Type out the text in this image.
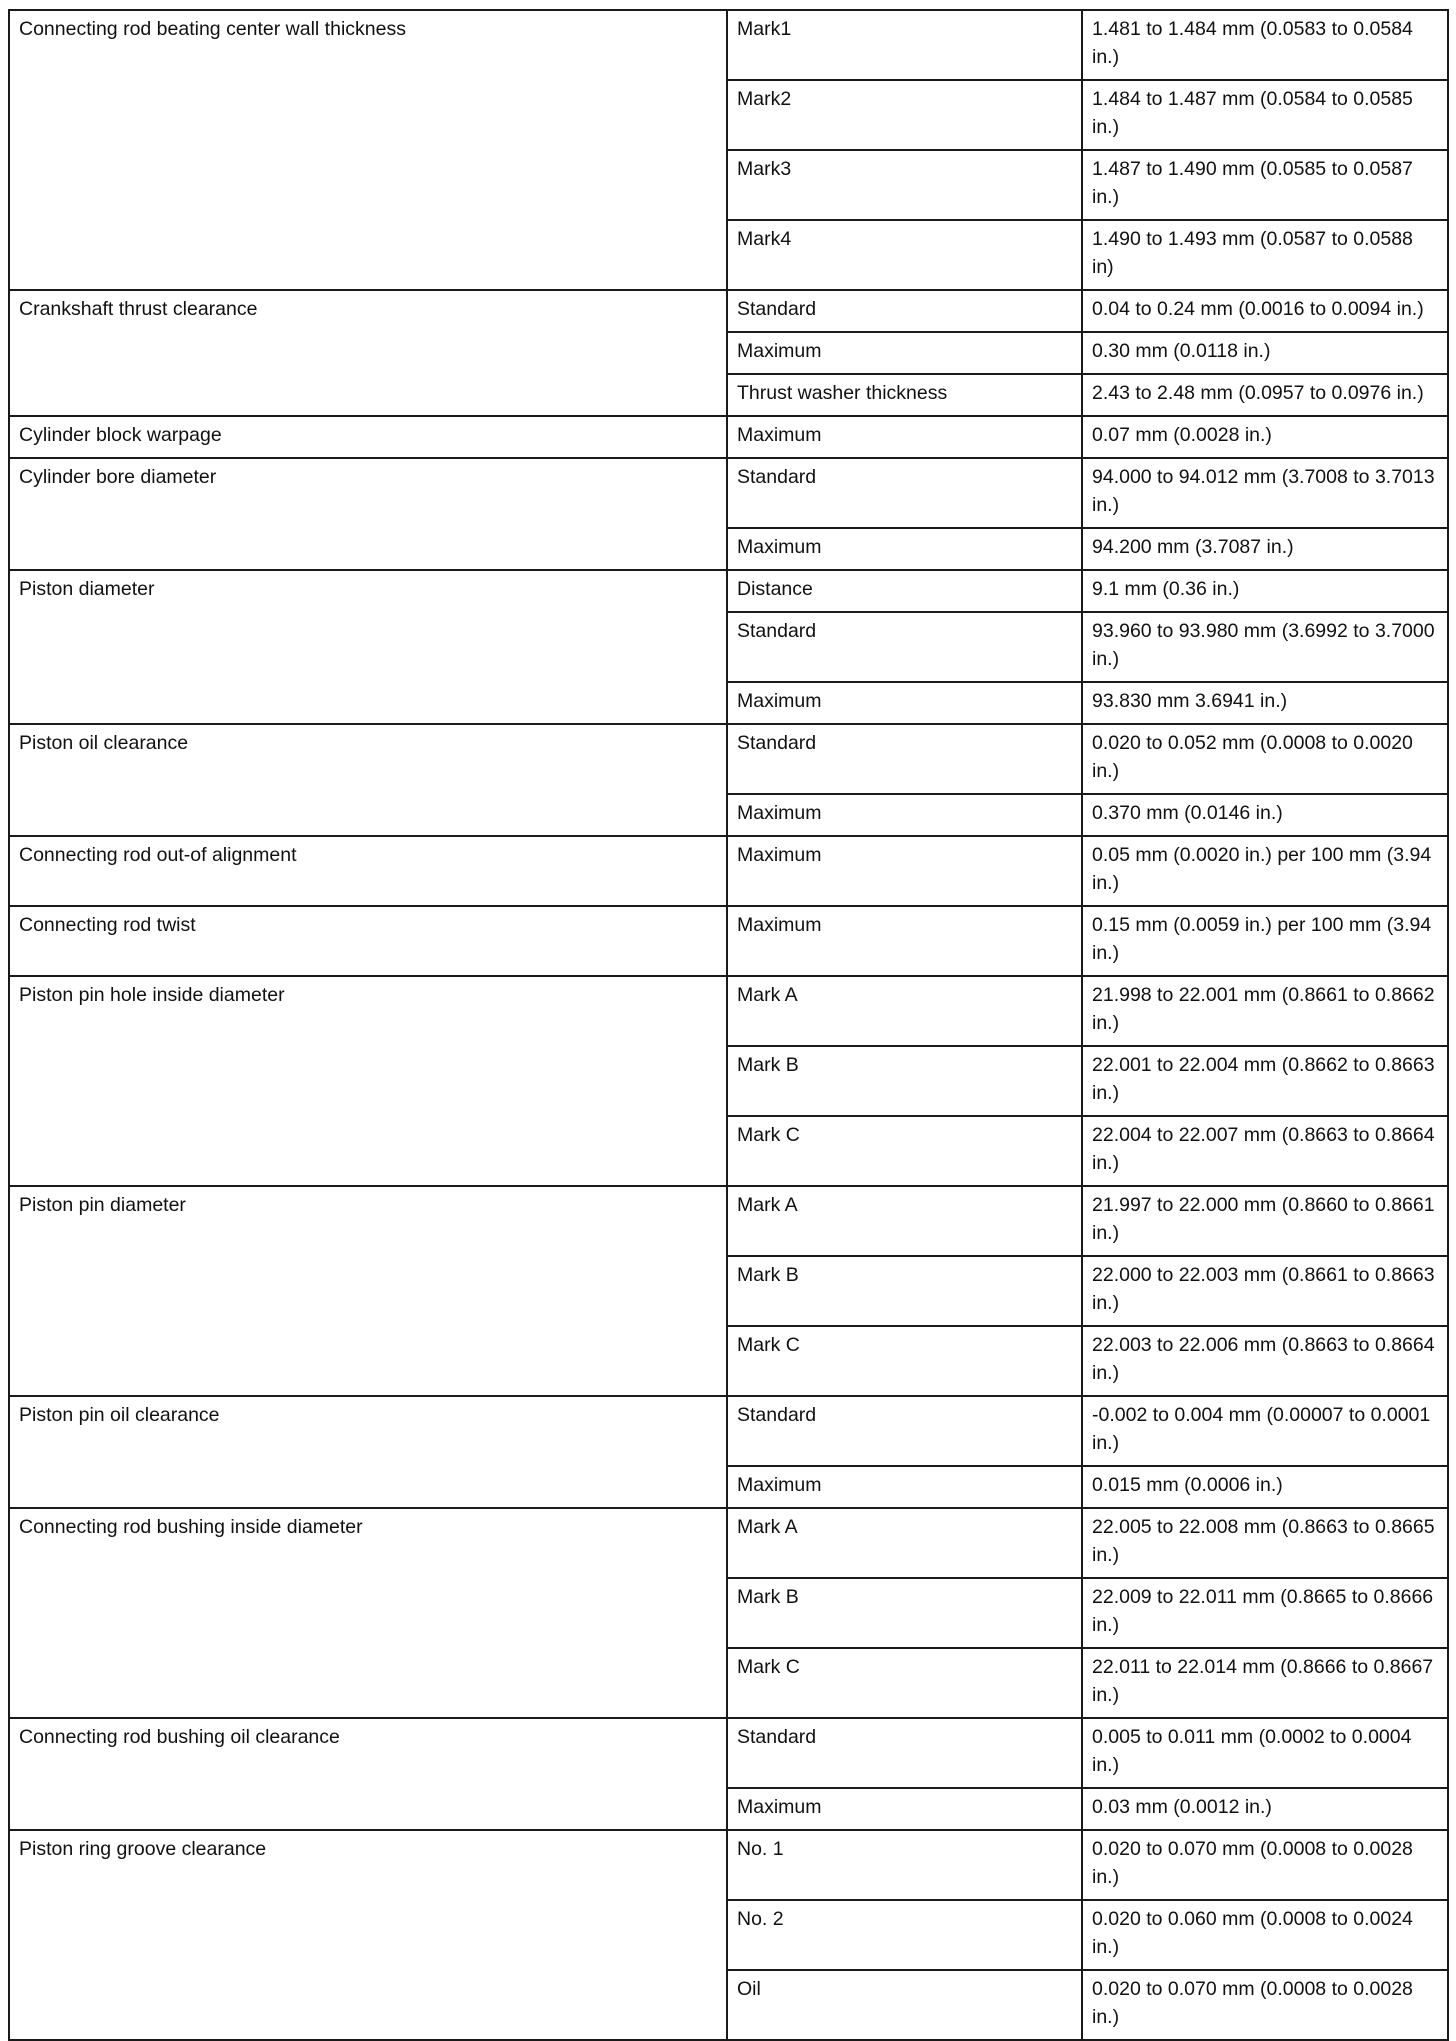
Connecting rod beating center wall thickness	Mark1	1.481 to 1.484 mm (0.0583 to 0.0584 in.)
	Mark2	1.484 to 1.487 mm (0.0584 to 0.0585 in.)
	Mark3	1.487 to 1.490 mm (0.0585 to 0.0587 in.)
	Mark4	1.490 to 1.493 mm (0.0587 to 0.0588 in)
Crankshaft thrust clearance	Standard	0.04 to 0.24 mm (0.0016 to 0.0094 in.)
	Maximum	0.30 mm (0.0118 in.)
	Thrust washer thickness	2.43 to 2.48 mm (0.0957 to 0.0976 in.)
Cylinder block warpage	Maximum	0.07 mm (0.0028 in.)
Cylinder bore diameter	Standard	94.000 to 94.012 mm (3.7008 to 3.7013 in.)
	Maximum	94.200 mm (3.7087 in.)
Piston diameter	Distance	9.1 mm (0.36 in.)
	Standard	93.960 to 93.980 mm (3.6992 to 3.7000 in.)
	Maximum	93.830 mm 3.6941 in.)
Piston oil clearance	Standard	0.020 to 0.052 mm (0.0008 to 0.0020 in.)
	Maximum	0.370 mm (0.0146 in.)
Connecting rod out-of alignment	Maximum	0.05 mm (0.0020 in.) per 100 mm (3.94 in.)
Connecting rod twist	Maximum	0.15 mm (0.0059 in.) per 100 mm (3.94 in.)
Piston pin hole inside diameter	Mark A	21.998 to 22.001 mm (0.8661 to 0.8662 in.)
	Mark B	22.001 to 22.004 mm (0.8662 to 0.8663 in.)
	Mark C	22.004 to 22.007 mm (0.8663 to 0.8664 in.)
Piston pin diameter	Mark A	21.997 to 22.000 mm (0.8660 to 0.8661 in.)
	Mark B	22.000 to 22.003 mm (0.8661 to 0.8663 in.)
	Mark C	22.003 to 22.006 mm (0.8663 to 0.8664 in.)
Piston pin oil clearance	Standard	-0.002 to 0.004 mm (0.00007 to 0.0001 in.)
	Maximum	0.015 mm (0.0006 in.)
Connecting rod bushing inside diameter	Mark A	22.005 to 22.008 mm (0.8663 to 0.8665 in.)
	Mark B	22.009 to 22.011 mm (0.8665 to 0.8666 in.)
	Mark C	22.011 to 22.014 mm (0.8666 to 0.8667 in.)
Connecting rod bushing oil clearance	Standard	0.005 to 0.011 mm (0.0002 to 0.0004 in.)
	Maximum	0.03 mm (0.0012 in.)
Piston ring groove clearance	No. 1	0.020 to 0.070 mm (0.0008 to 0.0028 in.)
	No. 2	0.020 to 0.060 mm (0.0008 to 0.0024 in.)
	Oil	0.020 to 0.070 mm (0.0008 to 0.0028 in.)
